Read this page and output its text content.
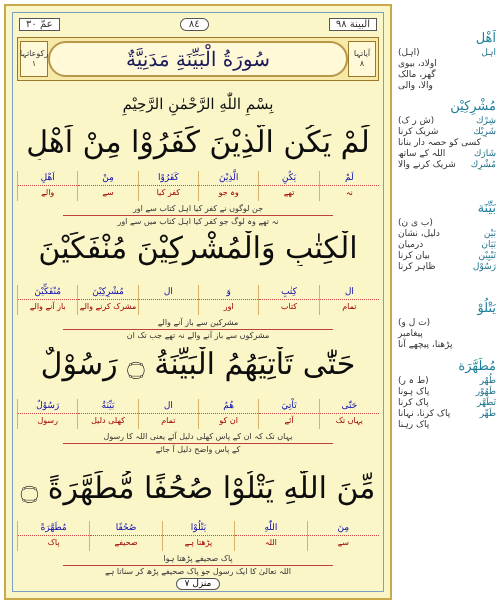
البينة ٩٨
٨٤
عمّ ٣٠
آیاتہا
٨
سُورَةُ الْبَيِّنَةِ مَدَنِيَّةٌ
رکوعاتہا
١
بِسْمِ اللّٰهِ الرَّحْمٰنِ الرَّحِيْمِ
لَمْ يَكُنِ الَّذِيْنَ كَفَرُوْا مِنْ اَهْلِ
لَمْ
نہ
يَكُنِ
تھے
الَّذِيْنَ
وہ جو
كَفَرُوْا
کفر کیا
مِنْ
سے
اَهْلِ
والے
جن لوگوں نے کفر کیا اہل کتاب سے اور
نہ تھے وہ لوگ جو کفر کیا اہل کتاب میں سے اور
الْكِتٰبِ وَالْمُشْرِكِيْنَ مُنْفَكِّيْنَ
ال
تمام
كِتٰبِ
کتاب
وَ
اور
ال
مُشْرِكِيْنَ
مشرک کرنے والے
مُنْفَكِّيْنَ
باز آنے والے
مشرکین سے باز آنے والے
مشرکوں سے باز آنے والے نہ تھے جب تک ان
حَتّٰى تَاْتِيَهُمُ الْبَيِّنَةُ ۝ رَسُوْلٌ
حَتّٰى
یہاں تک
تَاْتِيَ
آئے
هُمُ
ان کو
ال
تمام
بَيِّنَةُ
کھلی دلیل
رَسُوْلٌ
رسول
یہاں تک کہ ان کے پاس کھلی دلیل آئے یعنی اللہ کا رسول
کے پاس واضح دلیل آ جائے
مِّنَ اللّٰهِ يَتْلُوْا صُحُفًا مُّطَهَّرَةً ۝
مِنَ
سے
اللّٰهِ
اللہ
يَتْلُوْا
پڑھتا ہے
صُحُفًا
صحیفے
مُطَهَّرَةً
پاک
پاک صحیفے پڑھتا ہوا
اللہ تعالیٰ کا ایک رسول جو پاک صحیفے پڑھ کر سناتا ہے
منزل ٧
اَهْل
اہل
(اہل)
اولاد، بیوی
گھر، مالک
والا، والی
مُشْرِكِيْن
شِرْك
(ش ر ک)
شَرِيْك
شریک کرنا
کسی کو حصہ دار بنانا
شَارَك
اللہ کے ساتھ
مُشْرِك
شریک کرنے والا
بَيِّنَة
(ب ی ن)
بَيْن
دلیل، نشان
بَيَان
درمیان
تَبْيِيْن
بیان کرنا
رَسُوْل
ظاہر کرنا
يَتْلُوْ
(ت ل و)
پیغامبر
پڑھنا، پیچھے آنا
مُطَهَّرَة
طُهْر
(ط ہ ر)
طَهُوْر
پاک ہونا
تَطَهَّر
پاک کرنا
طَهِّر
پاک کرنا، نہانا
پاک رہنا
